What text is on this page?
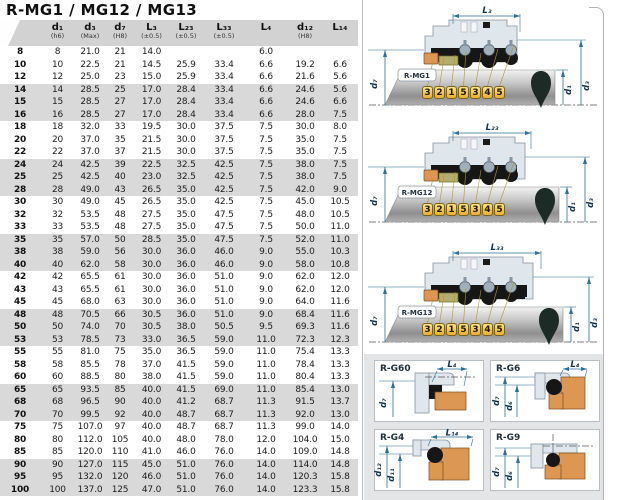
R-MG1 / MG12 / MG13

d₁
(h6)

d₃
(Max)

d₇
(H8)

L₃
(±0.5)

L₂₃
(±0.5)

L₃₃
(±0.5)

L₄	d₁₂
(H8)

L₁₄

8	8	21.0	21	14.0			6.0		
10	10	22.5	21	14.5	25.9	33.4	6.6	19.2	6.6
12	12	25.0	23	15.0	25.9	33.4	6.6	21.6	5.6
14	14	28.5	25	17.0	28.4	33.4	6.6	24.6	5.6
15	15	28.5	27	17.0	28.4	33.4	6.6	24.6	6.6
16	16	28.5	27	17.0	28.4	33.4	6.6	28.0	7.5
18	18	32.0	33	19.5	30.0	37.5	7.5	30.0	8.0
20	20	37.0	35	21.5	30.0	37.5	7.5	35.0	7.5
22	22	37.0	37	21.5	30.0	37.5	7.5	35.0	7.5
24	24	42.5	39	22.5	32.5	42.5	7.5	38.0	7.5
25	25	42.5	40	23.0	32.5	42.5	7.5	38.0	7.5
28	28	49.0	43	26.5	35.0	42.5	7.5	42.0	9.0
30	30	49.0	45	26.5	35.0	42.5	7.5	45.0	10.5
32	32	53.5	48	27.5	35.0	47.5	7.5	48.0	10.5
33	33	53.5	48	27.5	35.0	47.5	7.5	50.0	11.0
35	35	57.0	50	28.5	35.0	47.5	7.5	52.0	11.0
38	38	59.0	56	30.0	36.0	46.0	9.0	55.0	10.3
40	40	62.0	58	30.0	36.0	46.0	9.0	58.0	10.8
42	42	65.5	61	30.0	36.0	51.0	9.0	62.0	12.0
43	43	65.5	61	30.0	36.0	51.0	9.0	62.0	12.0
45	45	68.0	63	30.0	36.0	51.0	9.0	64.0	11.6
48	48	70.5	66	30.5	36.0	51.0	9.0	68.4	11.6
50	50	74.0	70	30.5	38.0	50.5	9.5	69.3	11.6
53	53	78.5	73	33.0	36.5	59.0	11.0	72.3	12.3
55	55	81.0	75	35.0	36.5	59.0	11.0	75.4	13.3
58	58	85.5	78	37.0	41.5	59.0	11.0	78.4	13.3
60	60	88.5	80	38.0	41.5	59.0	11.0	80.4	13.3
65	65	93.5	85	40.0	41.5	69.0	11.0	85.4	13.0
68	68	96.5	90	40.0	41.2	68.7	11.3	91.5	13.7
70	70	99.5	92	40.0	48.7	68.7	11.3	92.0	13.0
75	75	107.0	97	40.0	48.7	68.7	11.3	99.0	14.0
80	80	112.0	105	40.0	48.0	78.0	12.0	104.0	15.0
85	85	120.0	110	41.0	46.0	76.0	14.0	109.0	14.8
90	90	127.0	115	45.0	51.0	76.0	14.0	114.0	14.8
95	95	132.0	120	46.0	51.0	76.0	14.0	120.3	15.8
100	100	137.0	125	47.0	51.0	76.0	14.0	123.3	15.8
R-MG1
L₃
d₇
d₁ d₃
3 2 1 5 3 4 5
R-MG12
L₂₃
d₇
d₁ d₃
3 2 1 5 3 4 5
R-MG13
L₃₃
d₇
d₁ d₃
3 2 1 5 3 4 5
R-G60
d₇
L₄	R-G6
d₇
d₆
L₄
R-G4
d₁₂ d₁₁
L₁₄	R-G9
d₇ d₆
